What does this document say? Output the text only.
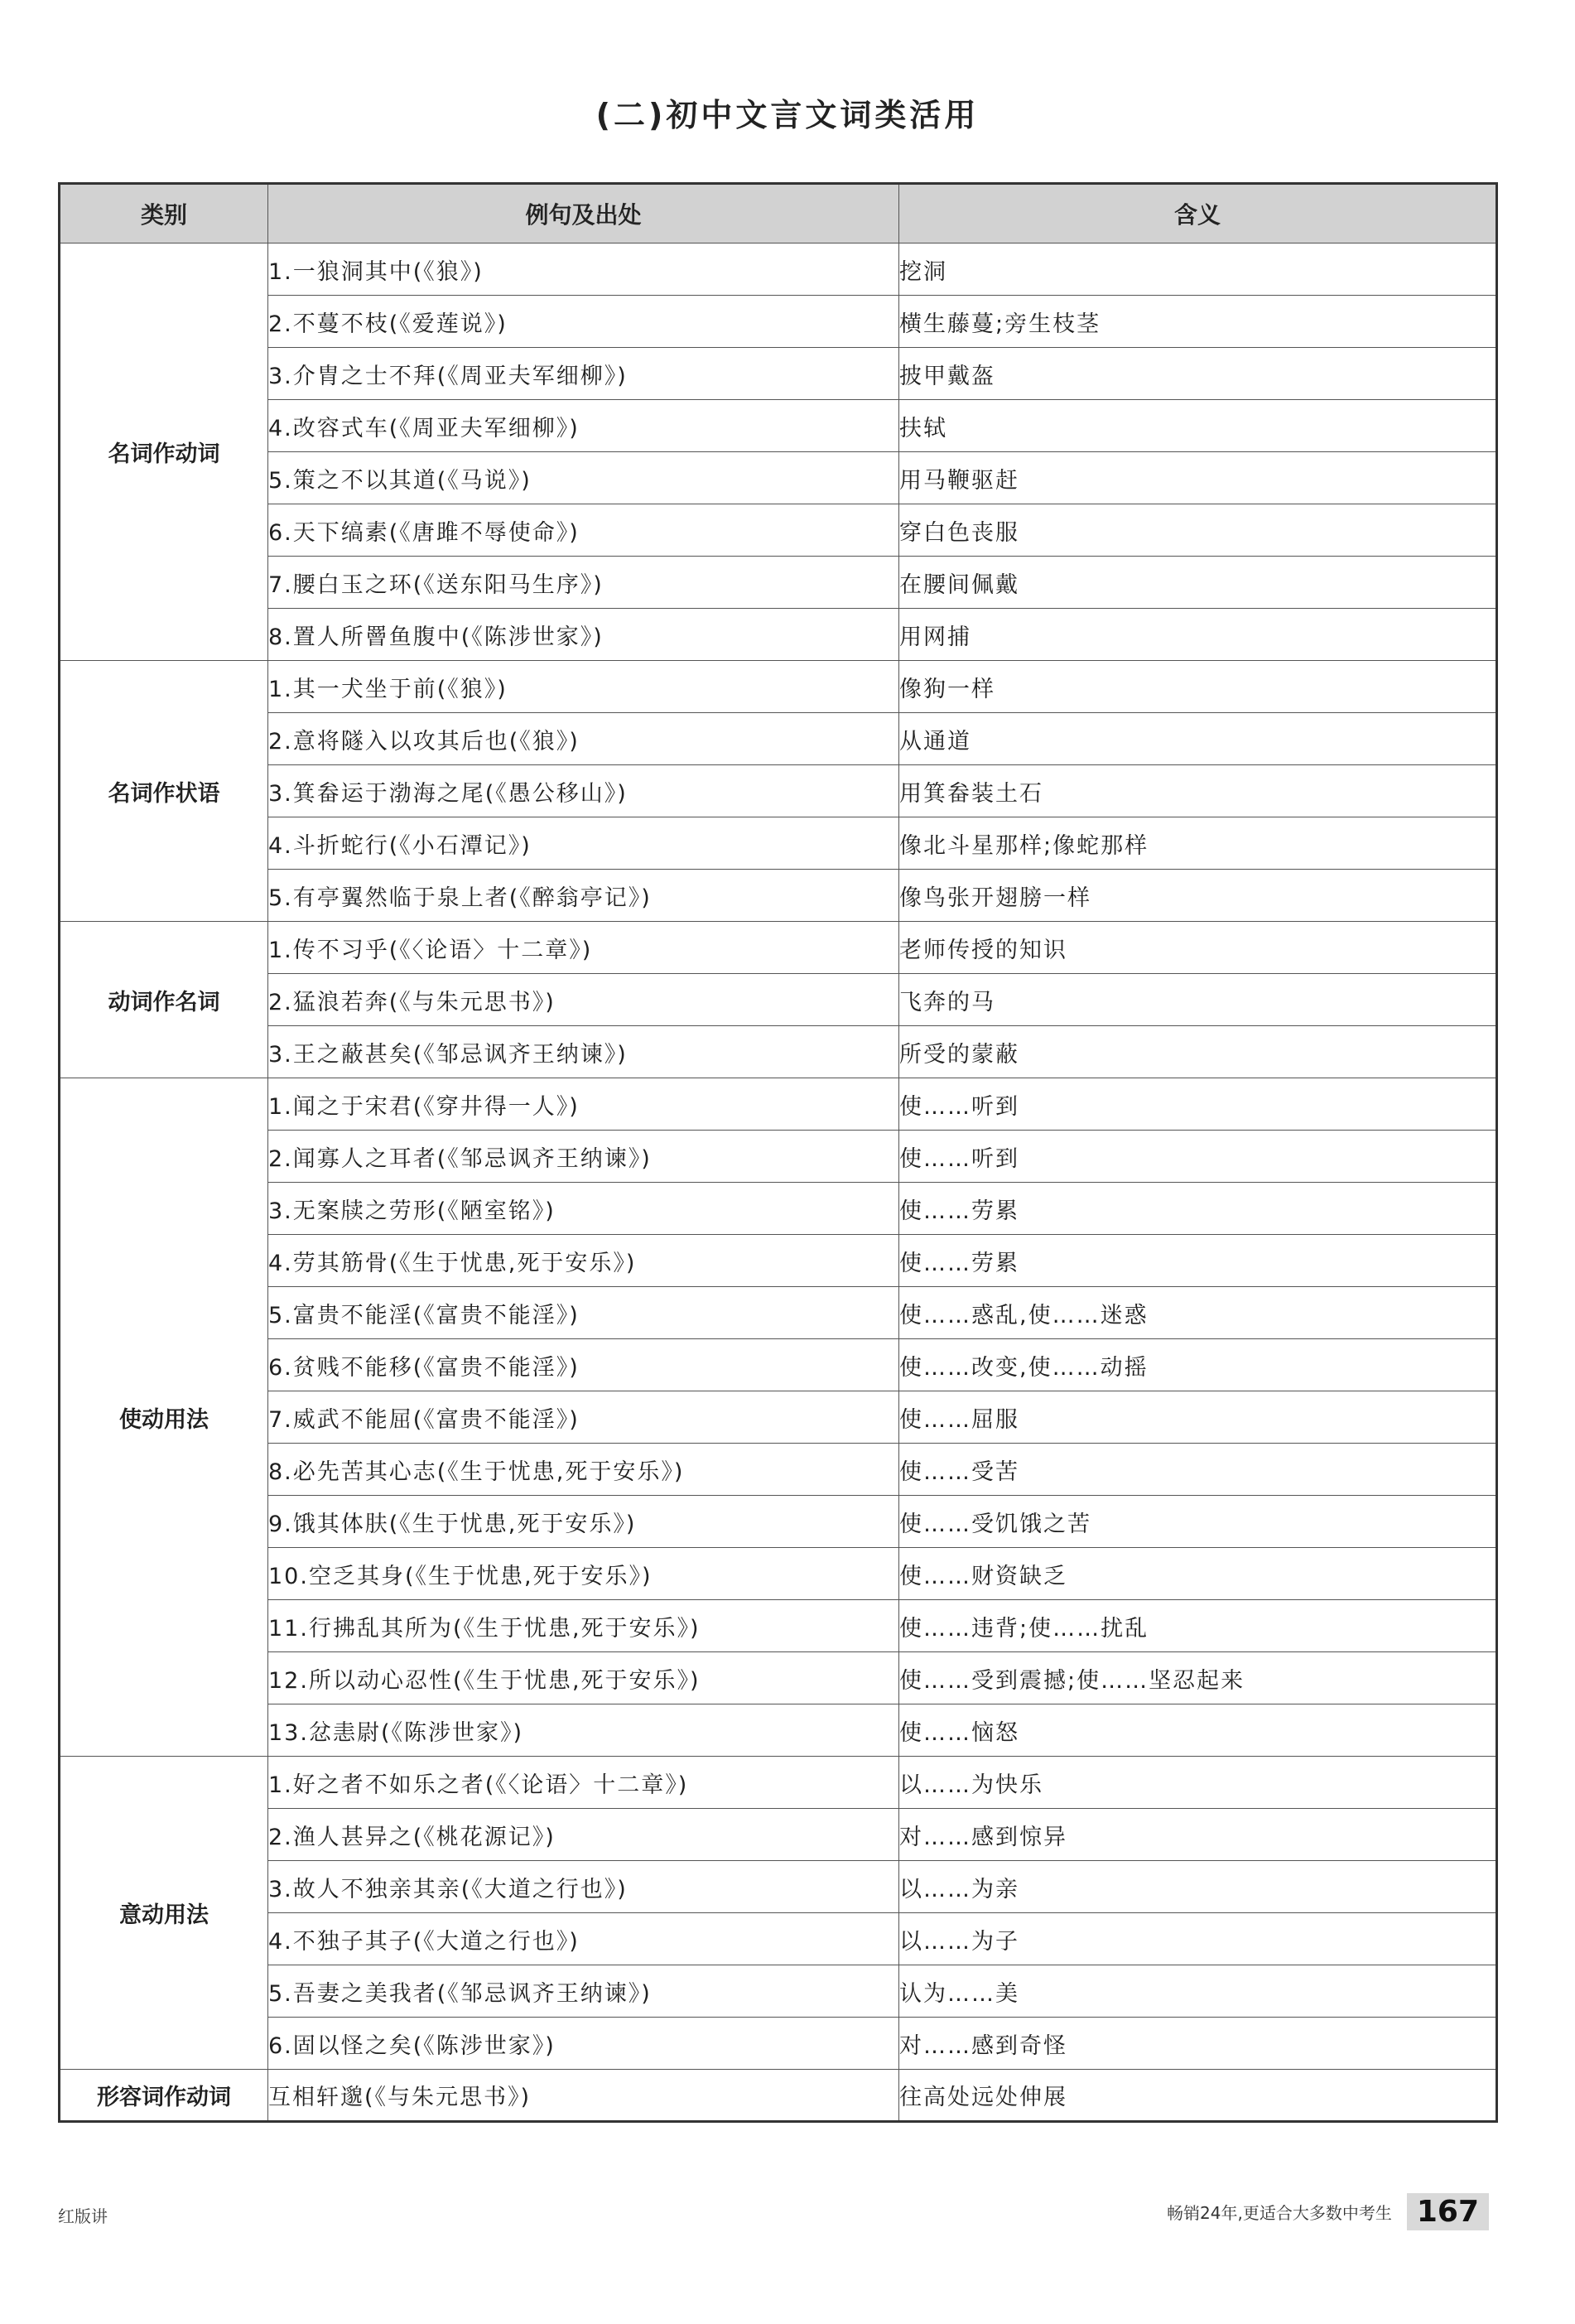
(二)初中文言文词类活用
类别	例句及出处	含义
名词作动词	1.一狼洞其中(《狼》)	挖洞
	2.不蔓不枝(《爱莲说》)	横生藤蔓;旁生枝茎
	3.介胄之士不拜(《周亚夫军细柳》)	披甲戴盔
	4.改容式车(《周亚夫军细柳》)	扶轼
	5.策之不以其道(《马说》)	用马鞭驱赶
	6.天下缟素(《唐雎不辱使命》)	穿白色丧服
	7.腰白玉之环(《送东阳马生序》)	在腰间佩戴
	8.置人所罾鱼腹中(《陈涉世家》)	用网捕
名词作状语	1.其一犬坐于前(《狼》)	像狗一样
	2.意将隧入以攻其后也(《狼》)	从通道
	3.箕畚运于渤海之尾(《愚公移山》)	用箕畚装土石
	4.斗折蛇行(《小石潭记》)	像北斗星那样;像蛇那样
	5.有亭翼然临于泉上者(《醉翁亭记》)	像鸟张开翅膀一样
动词作名词	1.传不习乎(《〈论语〉十二章》)	老师传授的知识
	2.猛浪若奔(《与朱元思书》)	飞奔的马
	3.王之蔽甚矣(《邹忌讽齐王纳谏》)	所受的蒙蔽
使动用法	1.闻之于宋君(《穿井得一人》)	使……听到
	2.闻寡人之耳者(《邹忌讽齐王纳谏》)	使……听到
	3.无案牍之劳形(《陋室铭》)	使……劳累
	4.劳其筋骨(《生于忧患,死于安乐》)	使……劳累
	5.富贵不能淫(《富贵不能淫》)	使……惑乱,使……迷惑
	6.贫贱不能移(《富贵不能淫》)	使……改变,使……动摇
	7.威武不能屈(《富贵不能淫》)	使……屈服
	8.必先苦其心志(《生于忧患,死于安乐》)	使……受苦
	9.饿其体肤(《生于忧患,死于安乐》)	使……受饥饿之苦
	10.空乏其身(《生于忧患,死于安乐》)	使……财资缺乏
	11.行拂乱其所为(《生于忧患,死于安乐》)	使……违背;使……扰乱
	12.所以动心忍性(《生于忧患,死于安乐》)	使……受到震撼;使……坚忍起来
	13.忿恚尉(《陈涉世家》)	使……恼怒
意动用法	1.好之者不如乐之者(《〈论语〉十二章》)	以……为快乐
	2.渔人甚异之(《桃花源记》)	对……感到惊异
	3.故人不独亲其亲(《大道之行也》)	以……为亲
	4.不独子其子(《大道之行也》)	以……为子
	5.吾妻之美我者(《邹忌讽齐王纳谏》)	认为……美
	6.固以怪之矣(《陈涉世家》)	对……感到奇怪
形容词作动词	互相轩邈(《与朱元思书》)	往高处远处伸展
红版讲	畅销24年,更适合大多数中考生 167
